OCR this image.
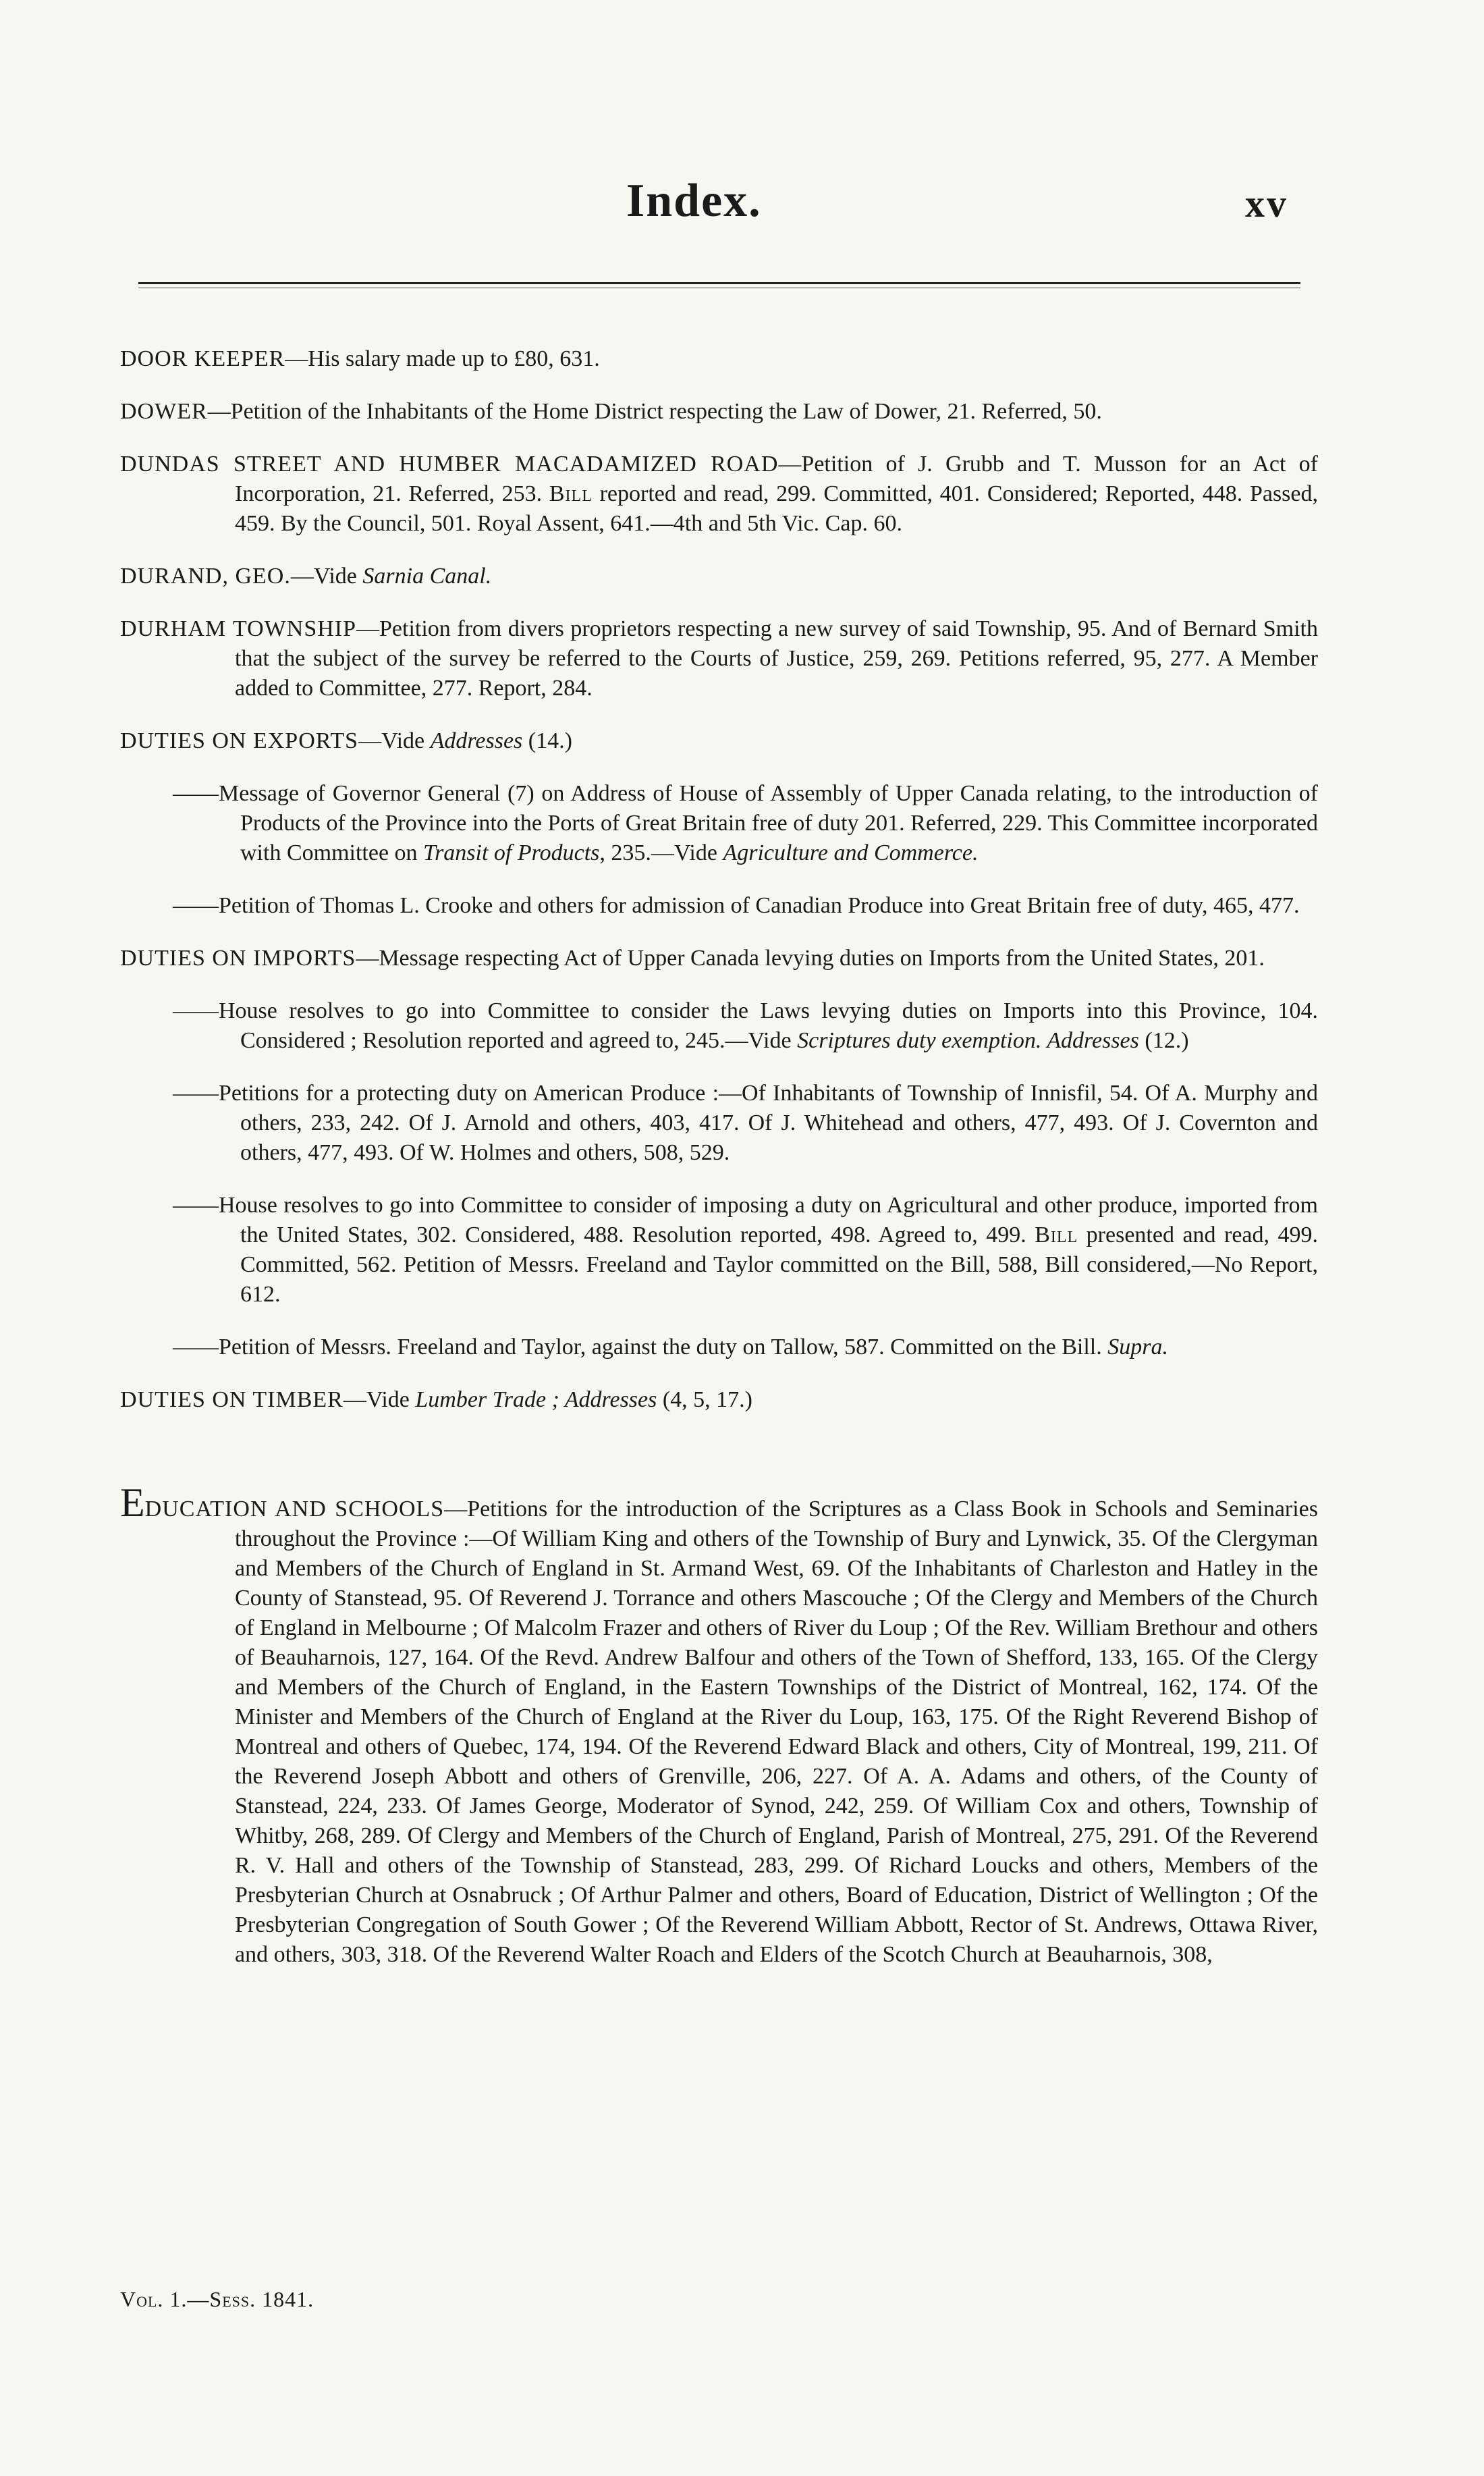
Index.	xv

DOOR KEEPER—His salary made up to £80, 631.

DOWER—Petition of the Inhabitants of the Home District respecting the Law of Dower, 21. Referred, 50.

DUNDAS STREET AND HUMBER MACADAMIZED ROAD—Petition of J. Grubb and T. Musson for an Act of Incorporation, 21. Referred, 253. Bill reported and read, 299. Committed, 401. Considered; Reported, 448. Passed, 459. By the Council, 501. Royal Assent, 641.—4th and 5th Vic. Cap. 60.

DURAND, GEO.—Vide Sarnia Canal.

DURHAM TOWNSHIP—Petition from divers proprietors respecting a new survey of said Township, 95. And of Bernard Smith that the subject of the survey be referred to the Courts of Justice, 259, 269. Petitions referred, 95, 277. A Member added to Committee, 277. Report, 284.

DUTIES ON EXPORTS—Vide Addresses (14.)

——Message of Governor General (7) on Address of House of Assembly of Upper Canada relating, to the introduction of Products of the Province into the Ports of Great Britain free of duty 201. Referred, 229. This Committee incorporated with Committee on Transit of Products, 235.—Vide Agriculture and Commerce.

——Petition of Thomas L. Crooke and others for admission of Canadian Produce into Great Britain free of duty, 465, 477.

DUTIES ON IMPORTS—Message respecting Act of Upper Canada levying duties on Imports from the United States, 201.

——House resolves to go into Committee to consider the Laws levying duties on Imports into this Province, 104. Considered ; Resolution reported and agreed to, 245.—Vide Scriptures duty exemption. Addresses (12.)

——Petitions for a protecting duty on American Produce :—Of Inhabitants of Township of Innisfil, 54. Of A. Murphy and others, 233, 242. Of J. Arnold and others, 403, 417. Of J. Whitehead and others, 477, 493. Of J. Covernton and others, 477, 493. Of W. Holmes and others, 508, 529.

——House resolves to go into Committee to consider of imposing a duty on Agricultural and other produce, imported from the United States, 302. Considered, 488. Resolution reported, 498. Agreed to, 499. Bill presented and read, 499. Committed, 562. Petition of Messrs. Freeland and Taylor committed on the Bill, 588, Bill considered,—No Report, 612.

——Petition of Messrs. Freeland and Taylor, against the duty on Tallow, 587. Committed on the Bill. Supra.

DUTIES ON TIMBER—Vide Lumber Trade ; Addresses (4, 5, 17.)

EDUCATION AND SCHOOLS—Petitions for the introduction of the Scriptures as a Class Book in Schools and Seminaries throughout the Province :—Of William King and others of the Township of Bury and Lynwick, 35. Of the Clergyman and Members of the Church of England in St. Armand West, 69. Of the Inhabitants of Charleston and Hatley in the County of Stanstead, 95. Of Reverend J. Torrance and others Mascouche ; Of the Clergy and Members of the Church of England in Melbourne ; Of Malcolm Frazer and others of River du Loup ; Of the Rev. William Brethour and others of Beauharnois, 127, 164. Of the Revd. Andrew Balfour and others of the Town of Shefford, 133, 165. Of the Clergy and Members of the Church of England, in the Eastern Townships of the District of Montreal, 162, 174. Of the Minister and Members of the Church of England at the River du Loup, 163, 175. Of the Right Reverend Bishop of Montreal and others of Quebec, 174, 194. Of the Reverend Edward Black and others, City of Montreal, 199, 211. Of the Reverend Joseph Abbott and others of Grenville, 206, 227. Of A. A. Adams and others, of the County of Stanstead, 224, 233. Of James George, Moderator of Synod, 242, 259. Of William Cox and others, Township of Whitby, 268, 289. Of Clergy and Members of the Church of England, Parish of Montreal, 275, 291. Of the Reverend R. V. Hall and others of the Township of Stanstead, 283, 299. Of Richard Loucks and others, Members of the Presbyterian Church at Osnabruck ; Of Arthur Palmer and others, Board of Education, District of Wellington ; Of the Presbyterian Congregation of South Gower ; Of the Reverend William Abbott, Rector of St. Andrews, Ottawa River, and others, 303, 318. Of the Reverend Walter Roach and Elders of the Scotch Church at Beauharnois, 308,

Vol. 1.—Sess. 1841.
